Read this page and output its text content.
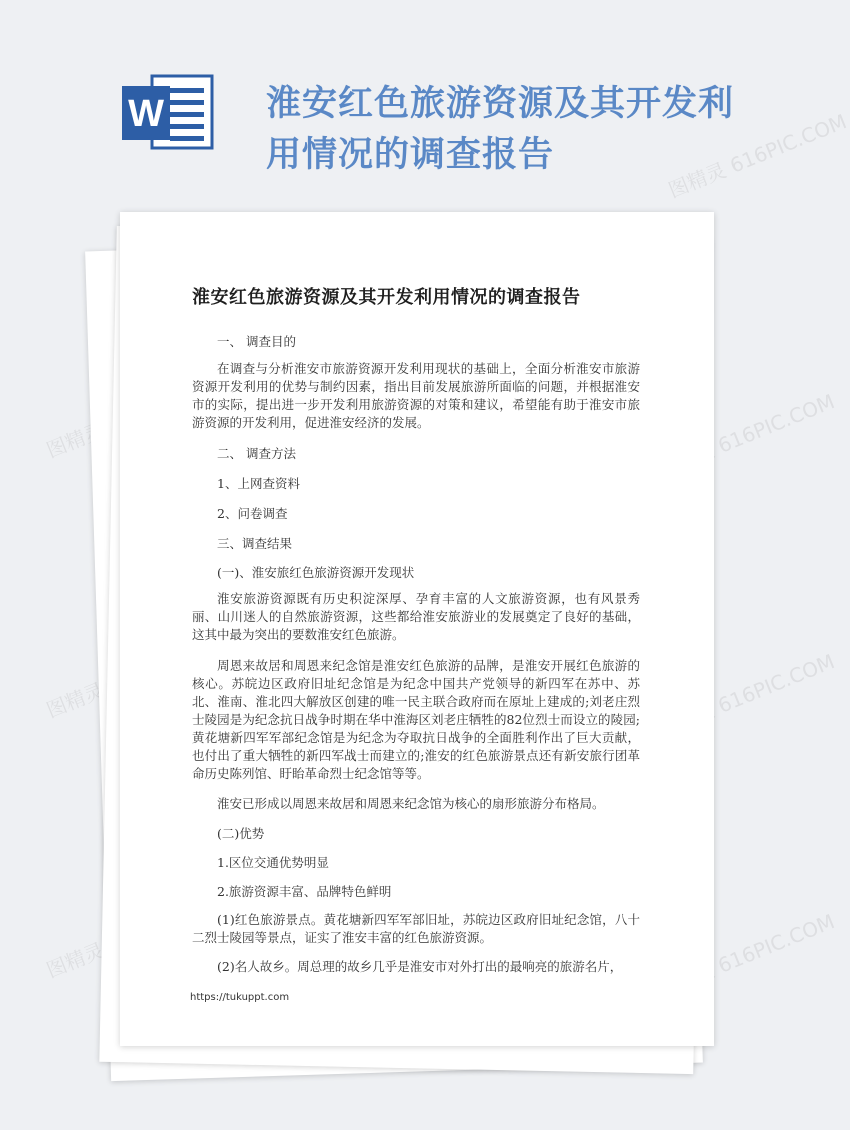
W	淮安红色旅游资源及其开发利
用情况的调查报告	图精灵 616PIC.COM
图精灵	图精灵 616PIC.COM
图精灵	图精灵 616PIC.COM
图精灵	图精灵 616PIC.COM
淮安红色旅游资源及其开发利用情况的调查报告
一、 调查目的

在调查与分析淮安市旅游资源开发利用现状的基础上，全面分析淮安市旅游资源开发利用的优势与制约因素，指出目前发展旅游所面临的问题，并根据淮安市的实际，提出进一步开发利用旅游资源的对策和建议，希望能有助于淮安市旅游资源的开发利用，促进淮安经济的发展。

二、 调查方法
1、上网查资料
2、问卷调查
三、调查结果
(一)、淮安旅红色旅游资源开发现状

淮安旅游资源既有历史积淀深厚、孕育丰富的人文旅游资源，也有风景秀丽、山川迷人的自然旅游资源，这些都给淮安旅游业的发展奠定了良好的基础，这其中最为突出的要数淮安红色旅游。

周恩来故居和周恩来纪念馆是淮安红色旅游的品牌，是淮安开展红色旅游的核心。苏皖边区政府旧址纪念馆是为纪念中国共产党领导的新四军在苏中、苏北、淮南、淮北四大解放区创建的唯一民主联合政府而在原址上建成的;刘老庄烈士陵园是为纪念抗日战争时期在华中淮海区刘老庄牺牲的82位烈士而设立的陵园;黄花塘新四军军部纪念馆是为纪念为夺取抗日战争的全面胜利作出了巨大贡献，也付出了重大牺牲的新四军战士而建立的;淮安的红色旅游景点还有新安旅行团革命历史陈列馆、盱眙革命烈士纪念馆等等。

淮安已形成以周恩来故居和周恩来纪念馆为核心的扇形旅游分布格局。

(二)优势
1.区位交通优势明显
2.旅游资源丰富、品牌特色鲜明

(1)红色旅游景点。黄花塘新四军军部旧址，苏皖边区政府旧址纪念馆，八十二烈士陵园等景点，证实了淮安丰富的红色旅游资源。

(2)名人故乡。周总理的故乡几乎是淮安市对外打出的最响亮的旅游名片，

https://tukuppt.com
